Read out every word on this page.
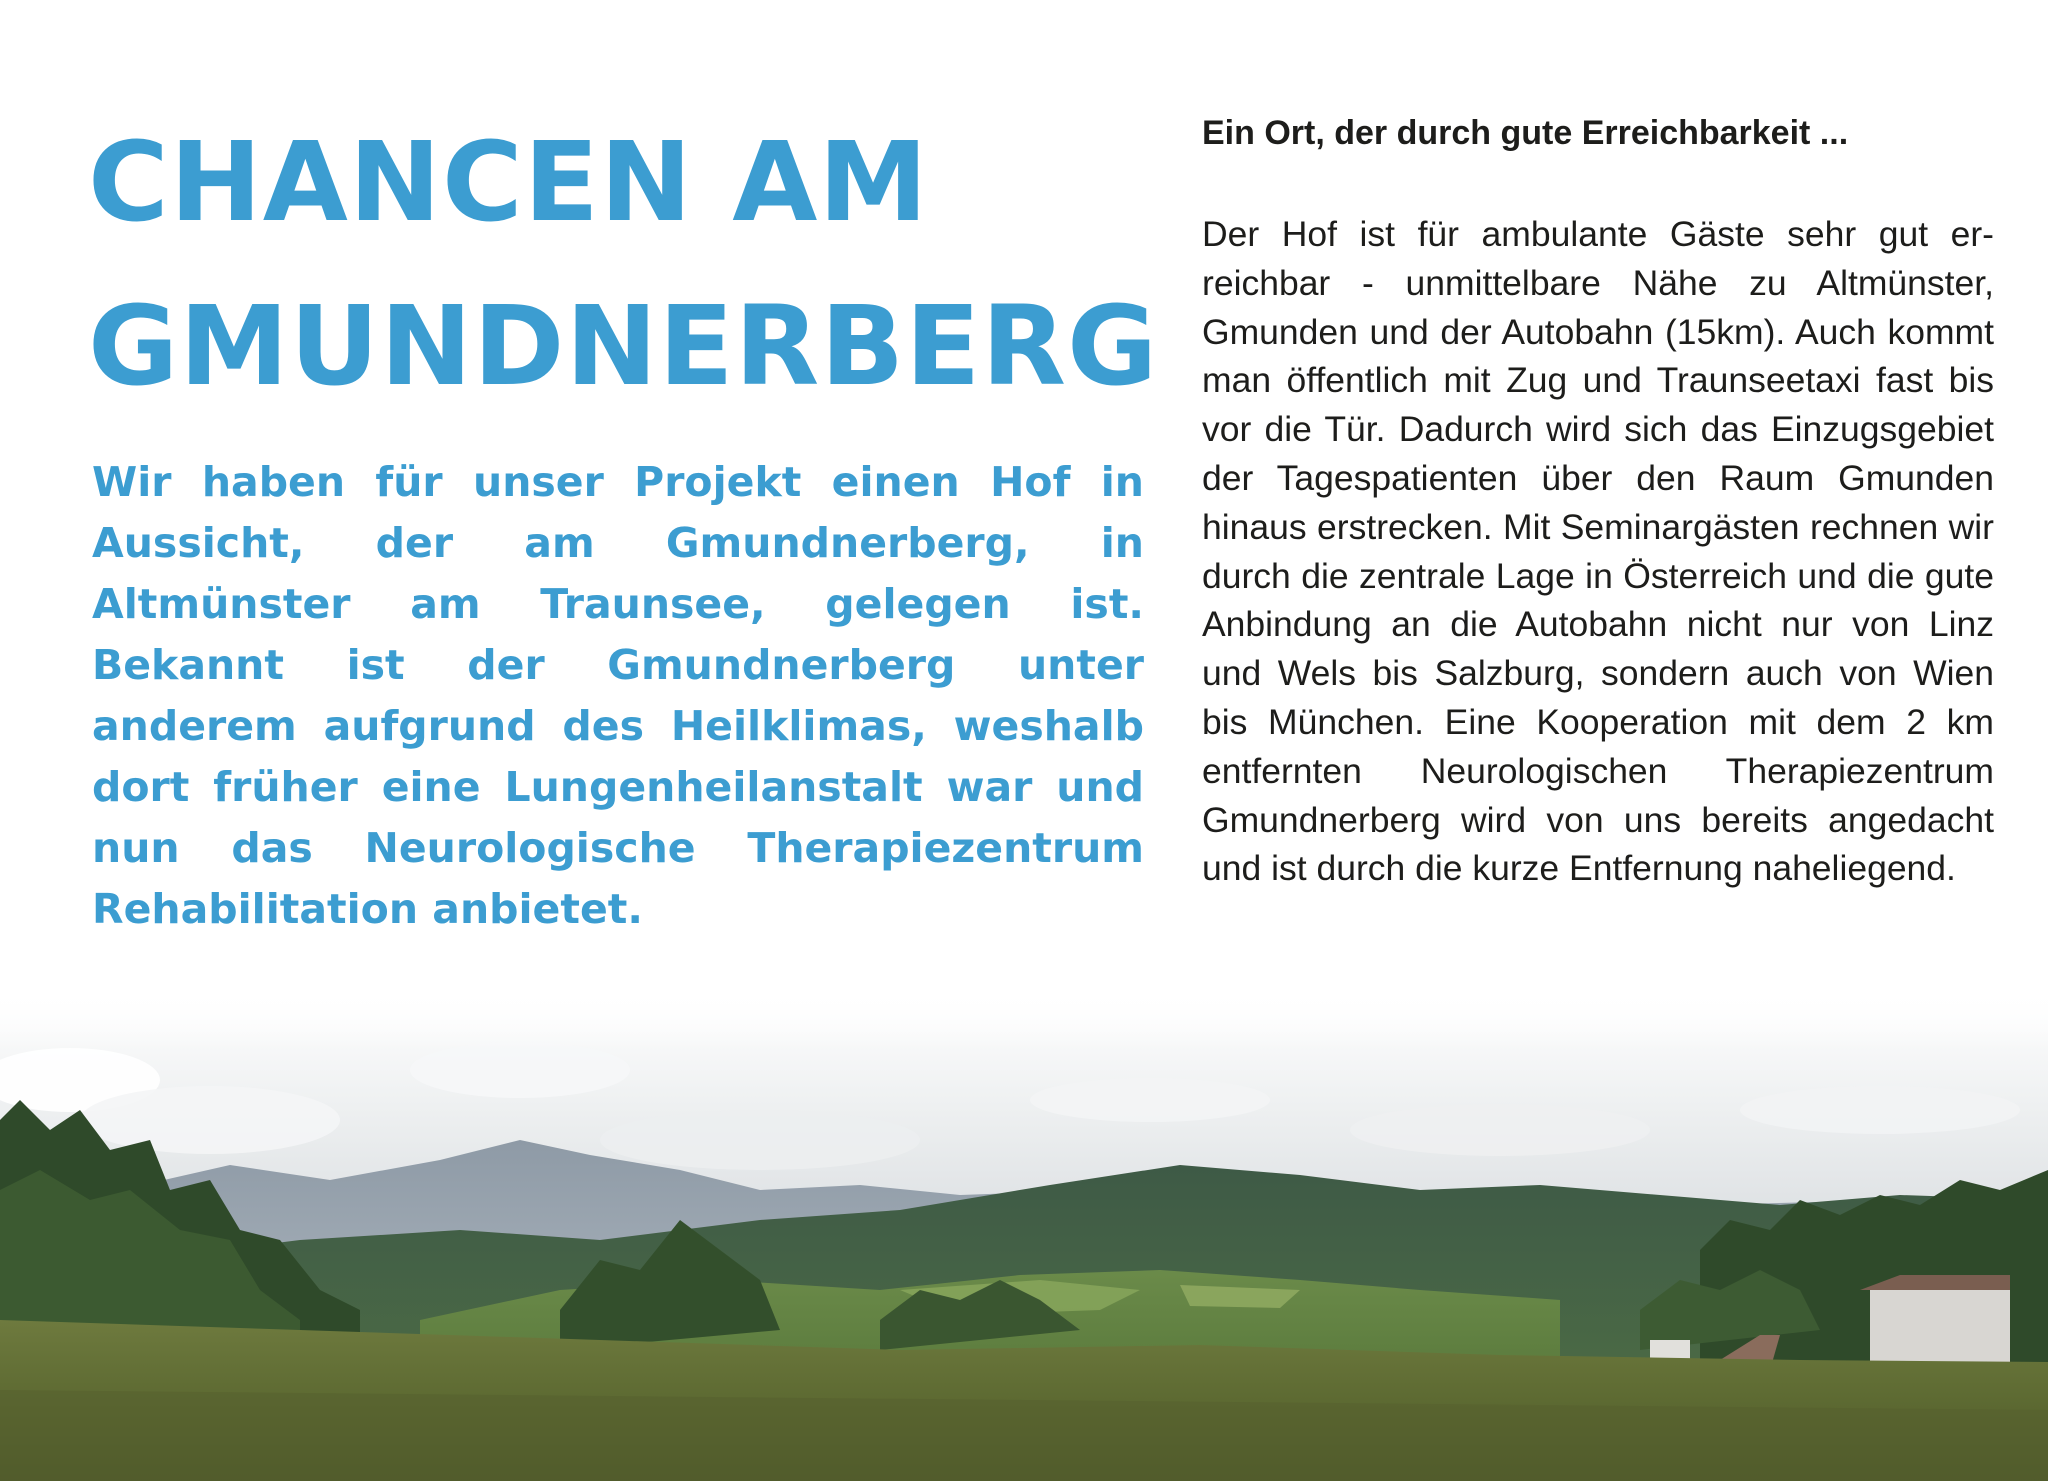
CHANCEN AM
GMUNDNERBERG

Wir haben für unser Projekt einen Hof in Aussicht, der am Gmundnerberg, in Altmünster am Traunsee, gelegen ist. Bekannt ist der Gmundnerberg unter anderem aufgrund des Heilklimas, weshalb dort früher eine Lungenheilanstalt war und nun das Neurologische Therapiezentrum Rehabilitation anbietet.

Ein Ort, der durch gute Erreichbarkeit ...

Der Hof ist für ambulante Gäste sehr gut erreichbar - unmittelbare Nähe zu Altmünster, Gmunden und der Autobahn (15km). Auch kommt man öffentlich mit Zug und Traunseetaxi fast bis vor die Tür. Dadurch wird sich das Einzugsgebiet der Tagespatienten über den Raum Gmunden hinaus erstrecken. Mit Seminargästen rechnen wir durch die zentrale Lage in Österreich und die gute Anbindung an die Autobahn nicht nur von Linz und Wels bis Salzburg, sondern auch von Wien bis München. Eine Kooperation mit dem 2 km entfernten Neurologischen Therapiezentrum Gmundnerberg wird von uns bereits angedacht und ist durch die kurze Entfernung naheliegend.
